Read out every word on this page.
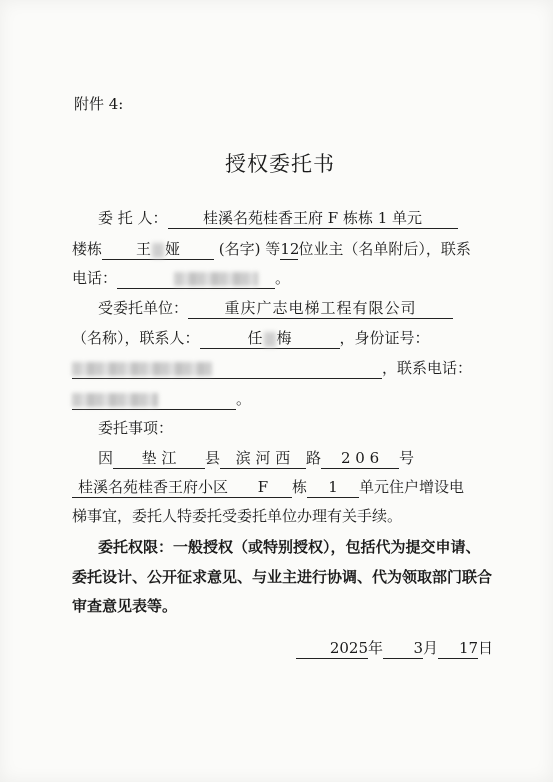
附件 4:
授权委托书
委 托 人： 桂溪名苑桂香王府 F 栋栋 1 单元
楼栋 王 娅	(名字) 等12位业主（名单附后），联系
电话：	。
受委托单位： 重庆广志电梯工程有限公司
（名称），联系人：	任 梅	，身份证号：
，联系电话：
。
委托事项：
因 垫 江 县 滨 河 西 路 2 0 6 号
桂溪名苑桂香王府小区 F 栋 1 单元住户增设电
梯事宜，委托人特委托受委托单位办理有关手续。
委托权限：一般授权（或特别授权），包括代为提交申请、
委托设计、公开征求意见、与业主进行协调、代为领取部门联合
审查意见表等。
2025年 3月 17日
